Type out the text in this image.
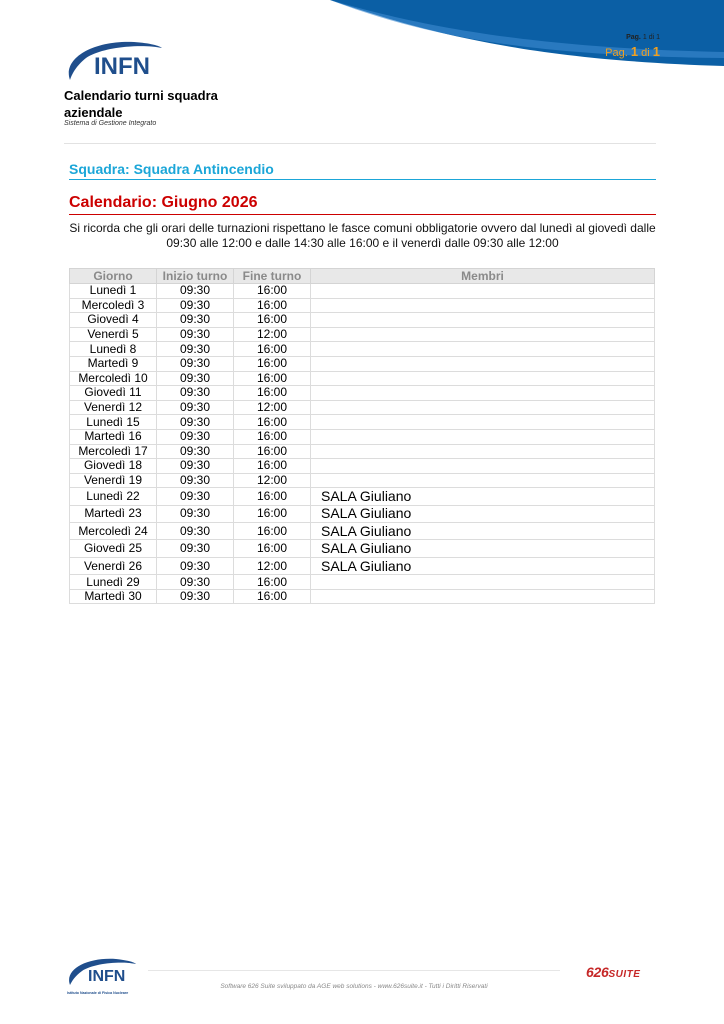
Pag. 1 di 1
Pag. 1 di 1
INFN
Calendario turni squadra aziendale
Sistema di Gestione Integrato
Squadra: Squadra Antincendio
Calendario: Giugno 2026
Si ricorda che gli orari delle turnazioni rispettano le fasce comuni obbligatorie ovvero dal lunedì al giovedì dalle 09:30 alle 12:00 e dalle 14:30 alle 16:00 e il venerdì dalle 09:30 alle 12:00
Giorno	Inizio turno	Fine turno	Membri
Lunedì 1	09:30	16:00	
Mercoledì 3	09:30	16:00	
Giovedì 4	09:30	16:00	
Venerdì 5	09:30	12:00	
Lunedì 8	09:30	16:00	
Martedì 9	09:30	16:00	
Mercoledì 10	09:30	16:00	
Giovedì 11	09:30	16:00	
Venerdì 12	09:30	12:00	
Lunedì 15	09:30	16:00	
Martedì 16	09:30	16:00	
Mercoledì 17	09:30	16:00	
Giovedì 18	09:30	16:00	
Venerdì 19	09:30	12:00	
Lunedì 22	09:30	16:00	SALA Giuliano
Martedì 23	09:30	16:00	SALA Giuliano
Mercoledì 24	09:30	16:00	SALA Giuliano
Giovedì 25	09:30	16:00	SALA Giuliano
Venerdì 26	09:30	12:00	SALA Giuliano
Lunedì 29	09:30	16:00	
Martedì 30	09:30	16:00	
INFN
Istituto Nazionale di Fisica Nucleare
Software 626 Suite sviluppato da AGE web solutions - www.626suite.it - Tutti i Diritti Riservati
626SUITE
